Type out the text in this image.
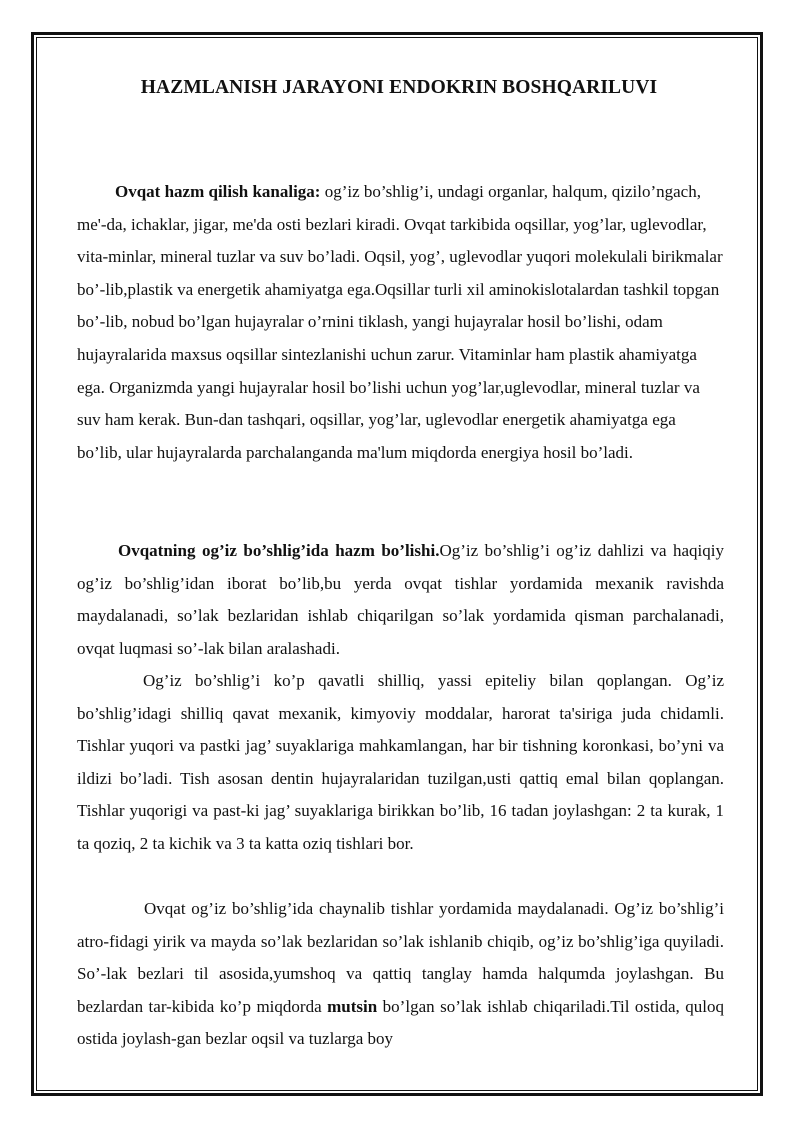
HAZMLANISH JARAYONI ENDOKRIN BOSHQARILUVI

Ovqat hazm qilish kanaliga: og’iz bo’shlig’i, undagi organlar, halqum, qizilo’ngach, me'-da, ichaklar, jigar, me'da osti bezlari kiradi. Ovqat tarkibida oqsillar, yog’lar, uglevodlar, vita-minlar, mineral tuzlar va suv bo’ladi. Oqsil, yog’, uglevodlar yuqori molekulali birikmalar bo’-lib,plastik va energetik ahamiyatga ega.Oqsillar turli xil aminokislotalardan tashkil topgan bo’-lib, nobud bo’lgan hujayralar o’rnini tiklash, yangi hujayralar hosil bo’lishi, odam hujayralarida maxsus oqsillar sintezlanishi uchun zarur. Vitaminlar ham plastik ahamiyatga ega. Organizmda yangi hujayralar hosil bo’lishi uchun yog’lar,uglevodlar, mineral tuzlar va suv ham kerak. Bun-dan tashqari, oqsillar, yog’lar, uglevodlar energetik ahamiyatga ega bo’lib, ular hujayralarda parchalanganda ma'lum miqdorda energiya hosil bo’ladi.

Ovqatning og’iz bo’shlig’ida hazm bo’lishi.Og’iz bo’shlig’i og’iz dahlizi va haqiqiy og’iz bo’shlig’idan iborat bo’lib,bu yerda ovqat tishlar yordamida mexanik ravishda maydalanadi, so’lak bezlaridan ishlab chiqarilgan so’lak yordamida qisman parchalanadi, ovqat luqmasi so’-lak bilan aralashadi.

Og’iz bo’shlig’i ko’p qavatli shilliq, yassi epiteliy bilan qoplangan. Og’iz bo’shlig’idagi shilliq qavat mexanik, kimyoviy moddalar, harorat ta'siriga juda chidamli. Tishlar yuqori va pastki jag’ suyaklariga mahkamlangan, har bir tishning koronkasi, bo’yni va ildizi bo’ladi. Tish asosan dentin hujayralaridan tuzilgan,usti qattiq emal bilan qoplangan. Tishlar yuqorigi va past-ki jag’ suyaklariga birikkan bo’lib, 16 tadan joylashgan: 2 ta kurak, 1 ta qoziq, 2 ta kichik va 3 ta katta oziq tishlari bor.

Ovqat og’iz bo’shlig’ida chaynalib tishlar yordamida maydalanadi. Og’iz bo’shlig’i atro-fidagi yirik va mayda so’lak bezlaridan so’lak ishlanib chiqib, og’iz bo’shlig’iga quyiladi. So’-lak bezlari til asosida,yumshoq va qattiq tanglay hamda halqumda joylashgan. Bu bezlardan tar-kibida ko’p miqdorda mutsin bo’lgan so’lak ishlab chiqariladi.Til ostida, quloq ostida joylash-gan bezlar oqsil va tuzlarga boy
